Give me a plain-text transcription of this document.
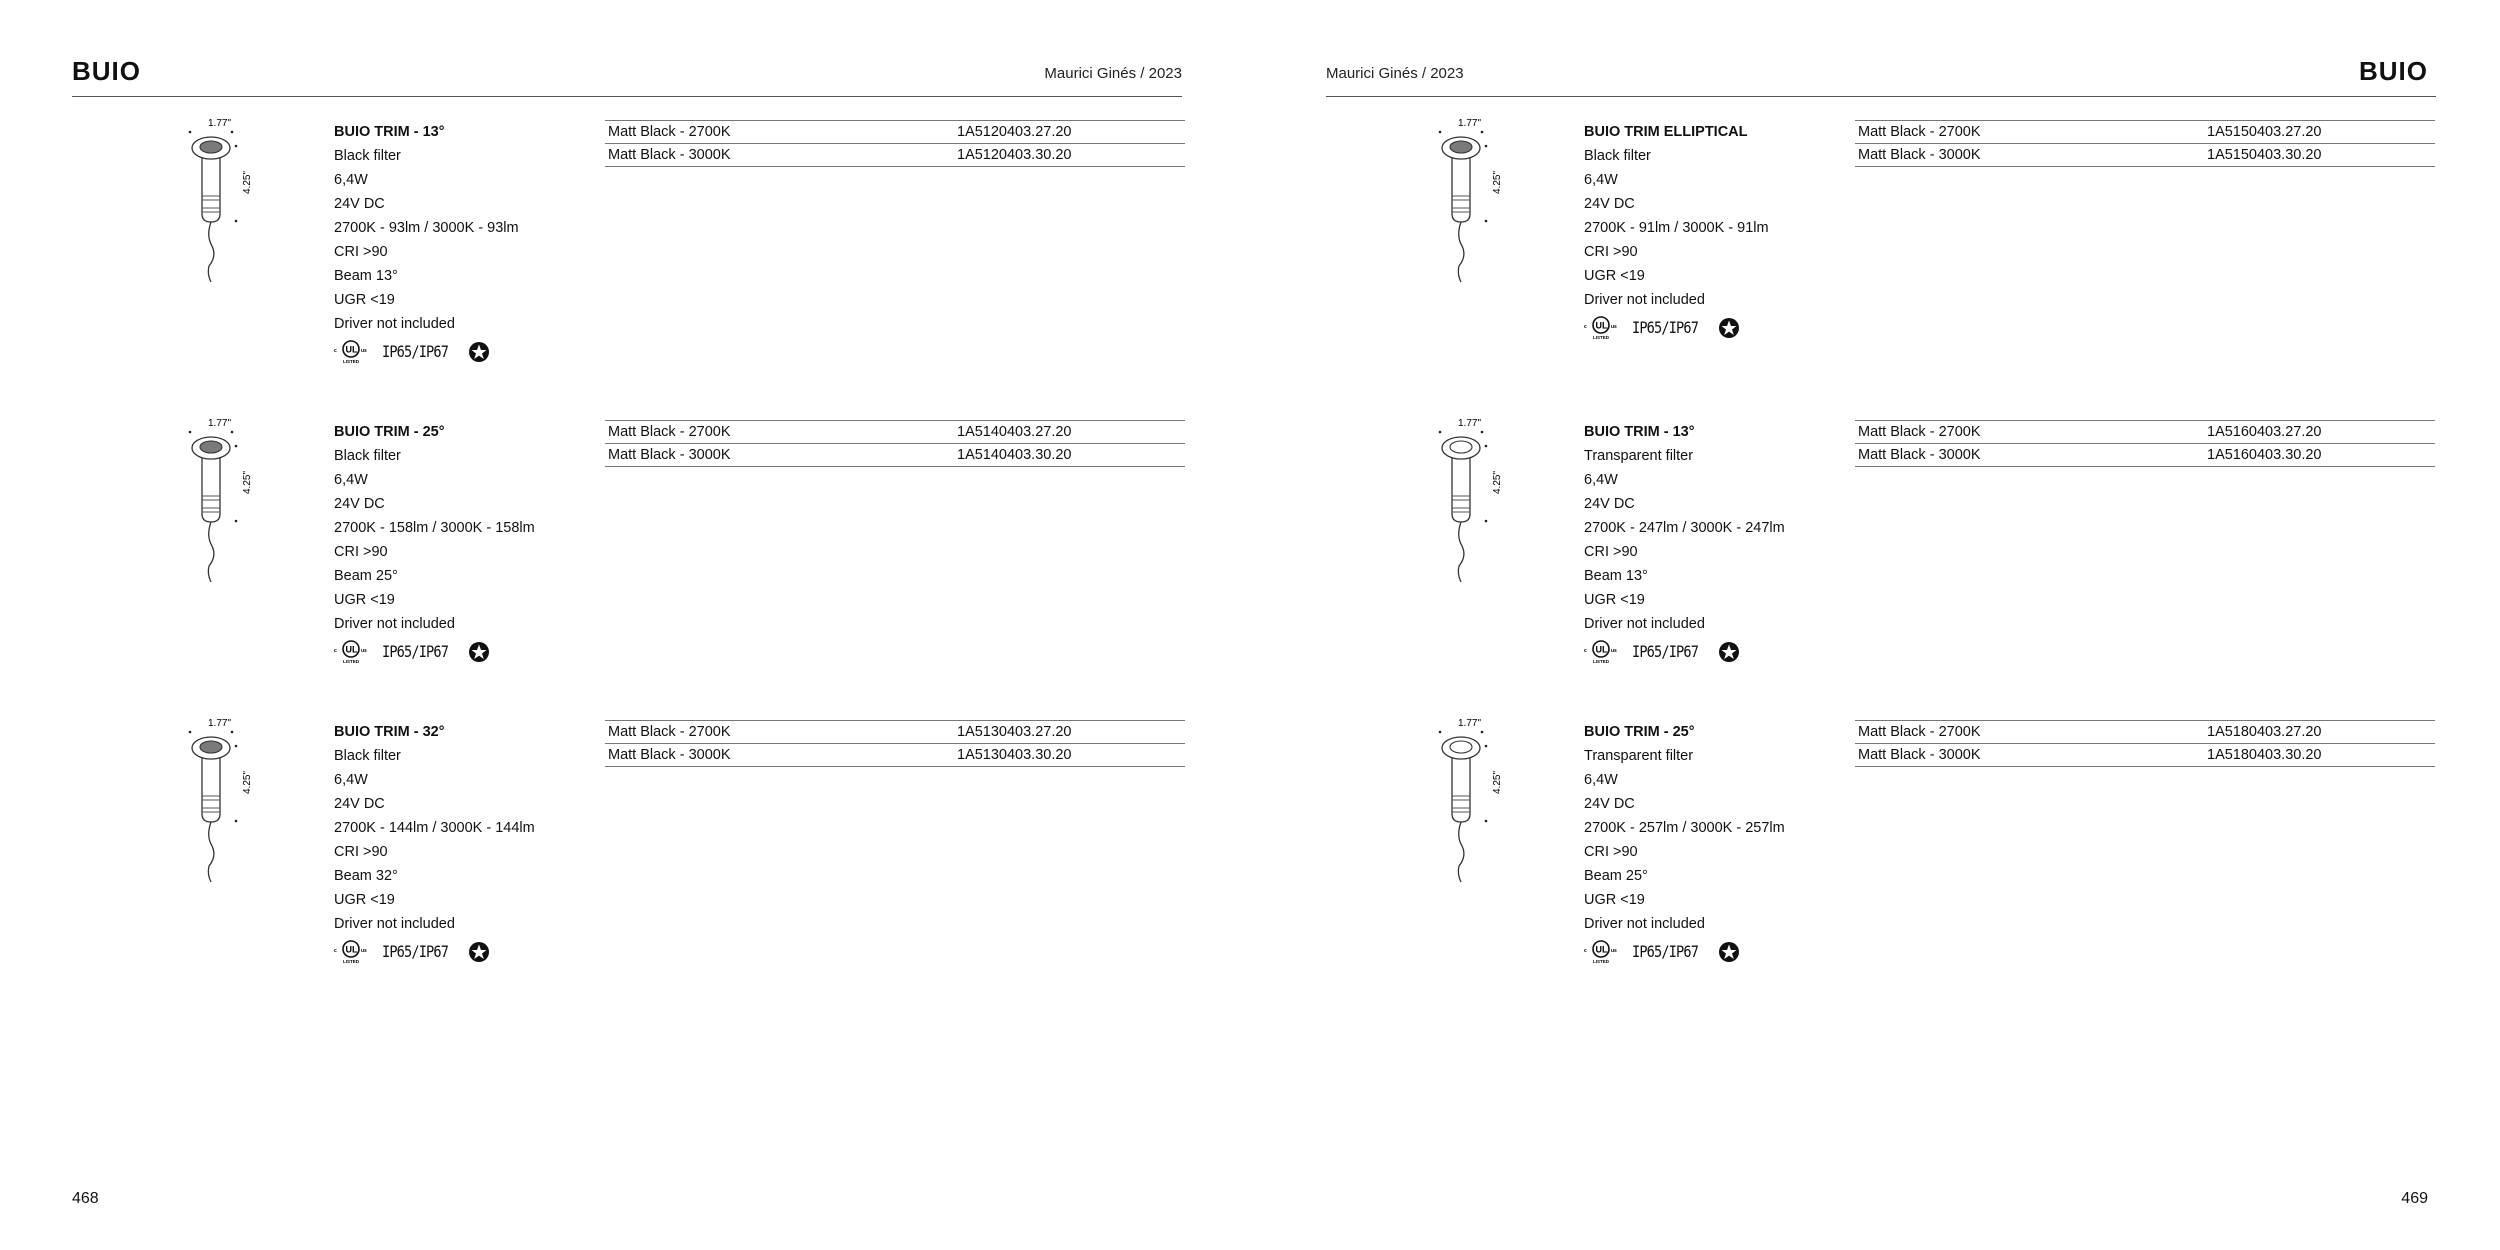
BUIO	Maurici Ginés / 2023
1.77"
4.25"
BUIO TRIM - 13°
Black filter
6,4W
24V DC
2700K - 93lm / 3000K - 93lm
CRI >90
Beam 13°
UGR <19
Driver not included
c UL us
LISTED
IP65/IP67
Matt Black - 2700K	1A5120403.27.20
Matt Black - 3000K	1A5120403.30.20
1.77"
4.25"
BUIO TRIM - 25°
Black filter
6,4W
24V DC
2700K - 158lm / 3000K - 158lm
CRI >90
Beam 25°
UGR <19
Driver not included
c UL us
LISTED
IP65/IP67
Matt Black - 2700K	1A5140403.27.20
Matt Black - 3000K	1A5140403.30.20
1.77"
4.25"
BUIO TRIM - 32°
Black filter
6,4W
24V DC
2700K - 144lm / 3000K - 144lm
CRI >90
Beam 32°
UGR <19
Driver not included
c UL us
LISTED
IP65/IP67
Matt Black - 2700K	1A5130403.27.20
Matt Black - 3000K	1A5130403.30.20
468
BUIO
Maurici Ginés / 2023
1.77"
4.25"
BUIO TRIM ELLIPTICAL
Black filter
6,4W
24V DC
2700K - 91lm / 3000K - 91lm
CRI >90
UGR <19
Driver not included
c UL us
LISTED
IP65/IP67
Matt Black - 2700K	1A5150403.27.20
Matt Black - 3000K	1A5150403.30.20
1.77"
4.25"
BUIO TRIM - 13°
Transparent filter
6,4W
24V DC
2700K - 247lm / 3000K - 247lm
CRI >90
Beam 13°
UGR <19
Driver not included
c UL us
LISTED
IP65/IP67
Matt Black - 2700K	1A5160403.27.20
Matt Black - 3000K	1A5160403.30.20
1.77"
4.25"
BUIO TRIM - 25°
Transparent filter
6,4W
24V DC
2700K - 257lm / 3000K - 257lm
CRI >90
Beam 25°
UGR <19
Driver not included
c UL us
LISTED
IP65/IP67
Matt Black - 2700K	1A5180403.27.20
Matt Black - 3000K	1A5180403.30.20
469
